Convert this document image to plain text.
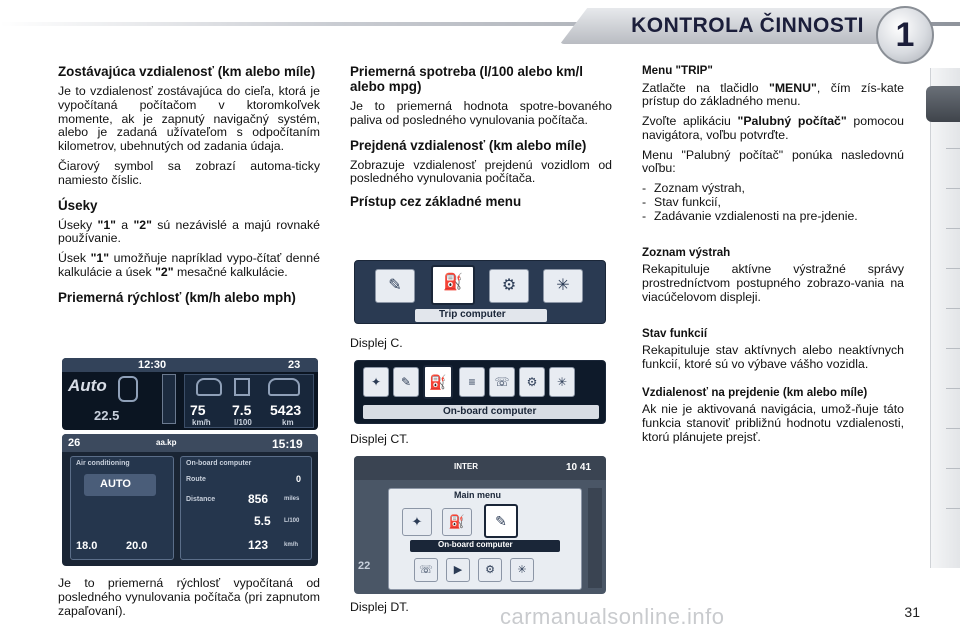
KONTROLA ČINNOSTI 1
Zostávajúca vzdialenosť (km alebo míle)

Je to vzdialenosť zostávajúca do cieľa, ktorá je vypočítaná počítačom v ktoromkoľvek momente, ak je zapnutý navigačný systém, alebo je zadaná užívateľom s odpočítaním kilometrov, ubehnutých od zadania údaja.

Čiarový symbol sa zobrazí automa-ticky namiesto číslic.

Úseky

Úseky "1" a "2" sú nezávislé a majú rovnaké používanie.

Úsek "1" umožňuje napríklad vypo-čítať denné kalkulácie a úsek "2" mesačné kalkulácie.

Priemerná rýchlosť (km/h alebo mph)
12:30	23
Auto
22.5	75
km/h
7.5
l/100
5423
km
26	aa.kp	15:19
Air conditioning
AUTO
18.0	20.0
On-board computer
Route	0
Distance	856	miles
5.5 L/100
123	km/h

Je to priemerná rýchlosť vypočítaná od posledného vynulovania počítača (pri zapnutom zapaľovaní).

Priemerná spotreba (l/100 alebo km/l alebo mpg)

Je to priemerná hodnota spotre-bovaného paliva od posledného vynulovania počítača.

Prejdená vzdialenosť (km alebo míle)

Zobrazuje vzdialenosť prejdenú vozidlom od posledného vynulovania počítača.

Prístup cez základné menu
✎	⛽	⚙	✳
Trip computer
Displej C.
✦	✎	⛽	≡	☏	⚙	✳
On-board computer
Displej CT.
INTER	10 41
22
Main menu
✦	⛽	✎
On-board computer
☏	▶	⚙	✳
Displej DT.
Menu "TRIP"

Zatlačte na tlačidlo "MENU", čím zís-kate prístup do základného menu.

Zvoľte aplikáciu "Palubný počítač" pomocou navigátora, voľbu potvrďte.

Menu "Palubný počítač" ponúka nasledovnú voľbu:

- Zoznam výstrah,
- Stav funkcií,
- Zadávanie vzdialenosti na pre-jdenie.
Zoznam výstrah

Rekapituluje aktívne výstražné správy prostredníctvom postupného zobrazo-vania na viacúčelovom displeji.

Stav funkcií

Rekapituluje stav aktívnych alebo neaktívnych funkcií, ktoré sú vo výbave vášho vozidla.

Vzdialenosť na prejdenie (km alebo míle)

Ak nie je aktivovaná navigácia, umož-ňuje táto funkcia stanoviť približnú hodnotu vzdialenosti, ktorú plánujete prejsť.

carmanualsonline.info	31
